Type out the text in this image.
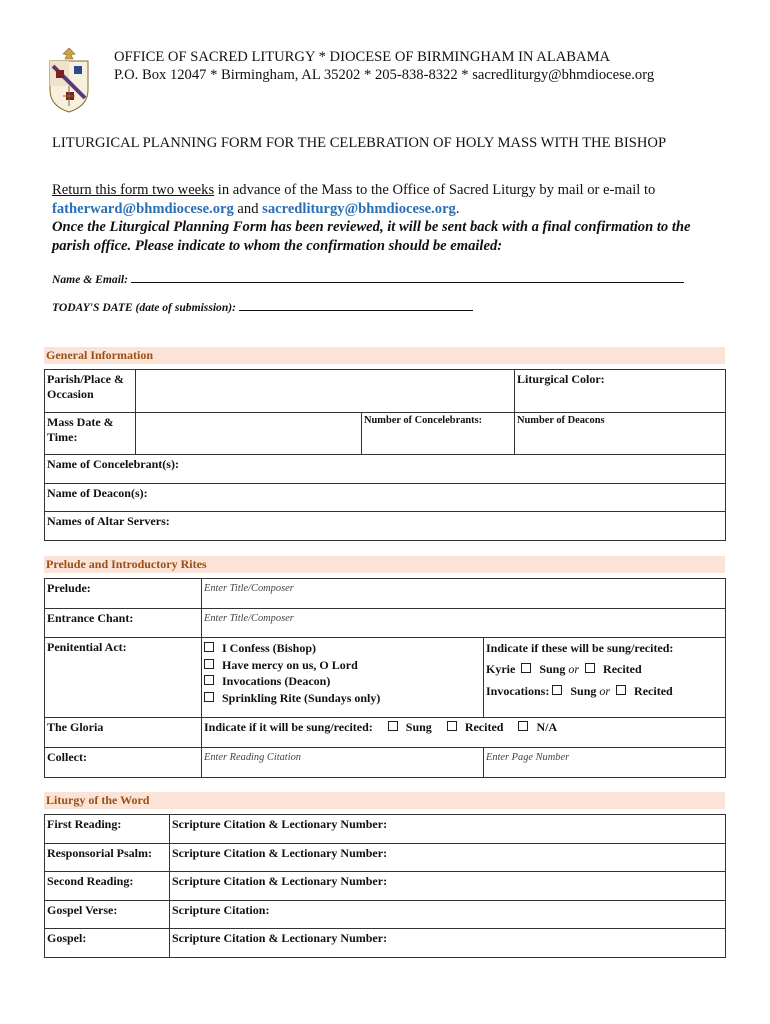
OFFICE OF SACRED LITURGY * DIOCESE OF BIRMINGHAM IN ALABAMA
P.O. Box 12047 * Birmingham, AL 35202 * 205-838-8322 * sacredliturgy@bhmdiocese.org
LITURGICAL PLANNING FORM FOR THE CELEBRATION OF HOLY MASS WITH THE BISHOP
Return this form two weeks in advance of the Mass to the Office of Sacred Liturgy by mail or e-mail to
fatherward@bhmdiocese.org and sacredliturgy@bhmdiocese.org.
Once the Liturgical Planning Form has been reviewed, it will be sent back with a final confirmation to the parish office. Please indicate to whom the confirmation should be emailed:
Name & Email:
TODAY'S DATE (date of submission):
General Information
Parish/Place & Occasion			Liturgical Color:
Mass Date & Time:		Number of Concelebrants:	Number of Deacons
Name of Concelebrant(s):			
Name of Deacon(s):			
Names of Altar Servers:			
Prelude and Introductory Rites
Prelude:	Enter Title/Composer	
Entrance Chant:	Enter Title/Composer	
Penitential Act:	I Confess (Bishop)
Have mercy on us, O Lord
Invocations (Deacon)
Sprinkling Rite (Sundays only)	Indicate if these will be sung/recited:
Kyrie Sung or Recited
Invocations: Sung or Recited

The Gloria	Indicate if it will be sung/recited: Sung Recited N/A	
Collect:	Enter Reading Citation	Enter Page Number
Liturgy of the Word
First Reading:	Scripture Citation & Lectionary Number:
Responsorial Psalm:	Scripture Citation & Lectionary Number:
Second Reading:	Scripture Citation & Lectionary Number:
Gospel Verse:	Scripture Citation:
Gospel:	Scripture Citation & Lectionary Number:
